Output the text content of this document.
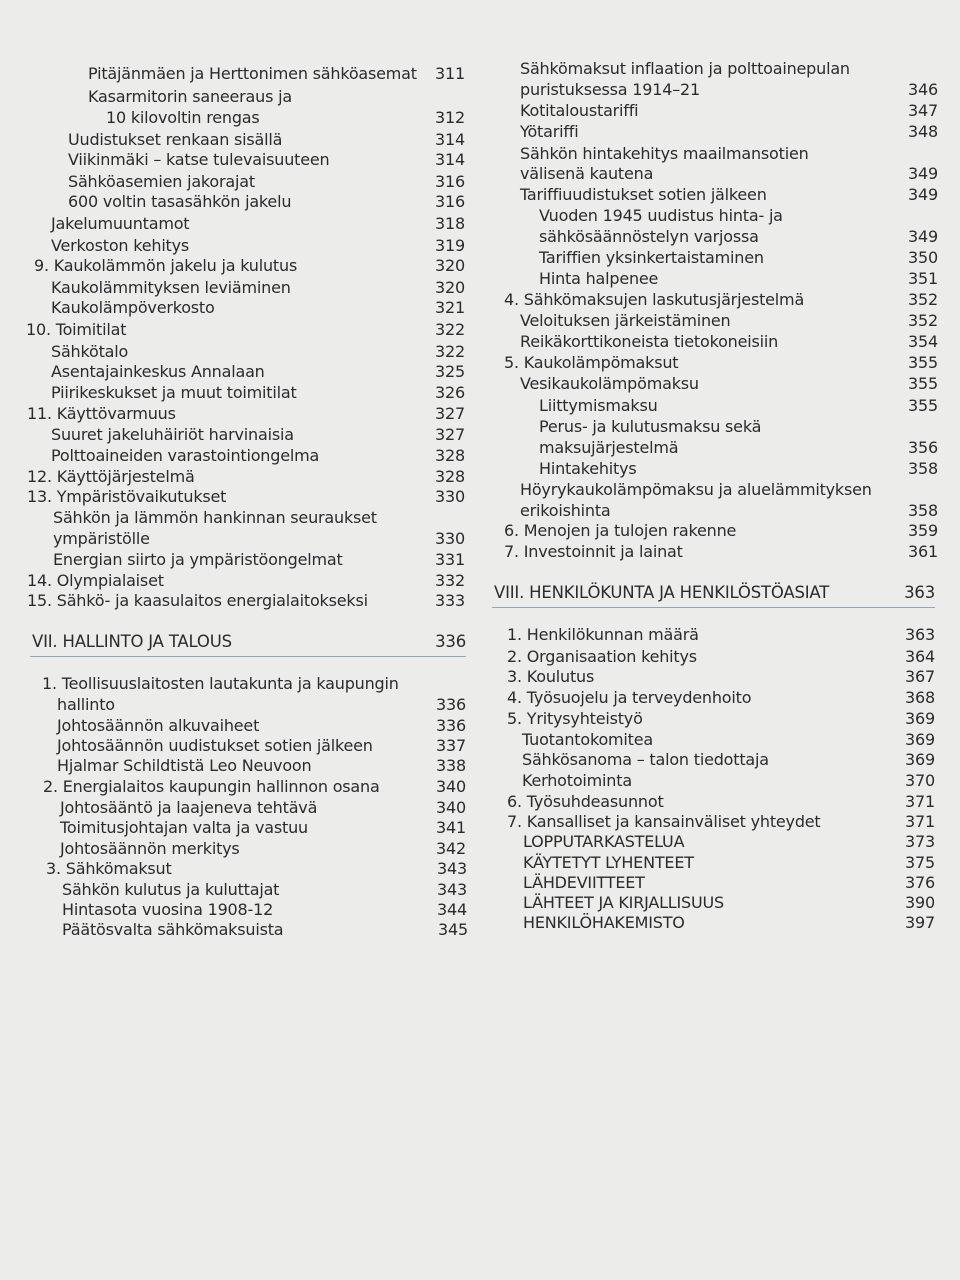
Pitäjänmäen ja Herttonimen sähköasemat 311
Kasarmitorin saneeraus ja
10 kilovoltin rengas	312
Uudistukset renkaan sisällä	314
Viikinmäki – katse tulevaisuuteen	314
Sähköasemien jakorajat	316
600 voltin tasasähkön jakelu	316
Jakelumuuntamot	318
Verkoston kehitys	319
9. Kaukolämmön jakelu ja kulutus	320
Kaukolämmityksen leviäminen	320
Kaukolämpöverkosto	321
10. Toimitilat	322
Sähkötalo	322
Asentajainkeskus Annalaan	325
Piirikeskukset ja muut toimitilat	326
11. Käyttövarmuus	327
Suuret jakeluhäiriöt harvinaisia	327
Polttoaineiden varastointiongelma	328
12. Käyttöjärjestelmä	328
13. Ympäristövaikutukset	330
Sähkön ja lämmön hankinnan seuraukset
ympäristölle	330
Energian siirto ja ympäristöongelmat	331
14. Olympialaiset	332
15. Sähkö- ja kaasulaitos energialaitokseksi	333
VII. HALLINTO JA TALOUS	336
1. Teollisuuslaitosten lautakunta ja kaupungin
hallinto	336
Johtosäännön alkuvaiheet	336
Johtosäännön uudistukset sotien jälkeen	337
Hjalmar Schildtistä Leo Neuvoon	338
2. Energialaitos kaupungin hallinnon osana	340
Johtosääntö ja laajeneva tehtävä	340
Toimitusjohtajan valta ja vastuu	341
Johtosäännön merkitys	342
3. Sähkömaksut	343
Sähkön kulutus ja kuluttajat	343
Hintasota vuosina 1908-12	344
Päätösvalta sähkömaksuista	345
Sähkömaksut inflaation ja polttoainepulan
puristuksessa 1914–21	346
Kotitaloustariffi	347
Yötariffi	348
Sähkön hintakehitys maailmansotien
välisenä kautena	349
Tariffiuudistukset sotien jälkeen	349
Vuoden 1945 uudistus hinta- ja
sähkösäännöstelyn varjossa	349
Tariffien yksinkertaistaminen	350
Hinta halpenee	351
4. Sähkömaksujen laskutusjärjestelmä	352
Veloituksen järkeistäminen	352
Reikäkorttikoneista tietokoneisiin	354
5. Kaukolämpömaksut	355
Vesikaukolämpömaksu	355
Liittymismaksu	355
Perus- ja kulutusmaksu sekä
maksujärjestelmä	356
Hintakehitys	358
Höyrykaukolämpömaksu ja aluelämmityksen
erikoishinta	358
6. Menojen ja tulojen rakenne	359
7. Investoinnit ja lainat	361
VIII. HENKILÖKUNTA JA HENKILÖSTÖASIAT	363
1. Henkilökunnan määrä	363
2. Organisaation kehitys	364
3. Koulutus	367
4. Työsuojelu ja terveydenhoito	368
5. Yritysyhteistyö	369
Tuotantokomitea	369
Sähkösanoma – talon tiedottaja	369
Kerhotoiminta	370
6. Työsuhdeasunnot	371
7. Kansalliset ja kansainväliset yhteydet	371
LOPPUTARKASTELUA	373
KÄYTETYT LYHENTEET	375
LÄHDEVIITTEET	376
LÄHTEET JA KIRJALLISUUS	390
HENKILÖHAKEMISTO	397
